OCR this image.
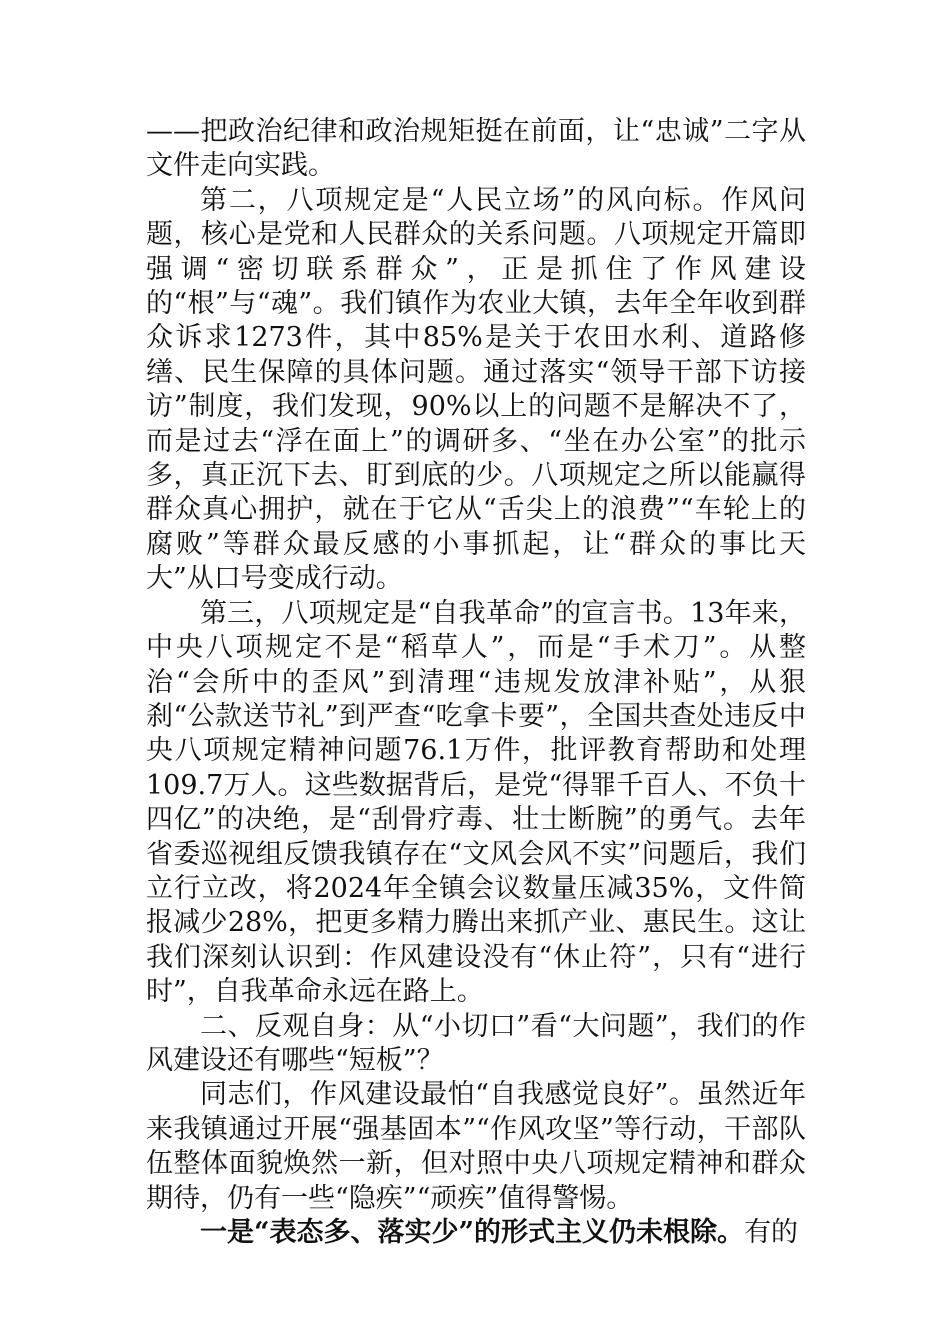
——把政治纪律和政治规矩挺在前面，让“忠诚”二字从文件走向实践。

第二，八项规定是“人民立场”的风向标。作风问题，核心是党和人民群众的关系问题。八项规定开篇即强调“密切联系群众”，正是抓住了作风建设的“根”与“魂”。我们镇作为农业大镇，去年全年收到群众诉求1273件，其中85%是关于农田水利、道路修缮、民生保障的具体问题。通过落实“领导干部下访接访”制度，我们发现，90%以上的问题不是解决不了，而是过去“浮在面上”的调研多、“坐在办公室”的批示多，真正沉下去、盯到底的少。八项规定之所以能赢得群众真心拥护，就在于它从“舌尖上的浪费”“车轮上的腐败”等群众最反感的小事抓起，让“群众的事比天大”从口号变成行动。

第三，八项规定是“自我革命”的宣言书。13年来，中央八项规定不是“稻草人”，而是“手术刀”。从整治“会所中的歪风”到清理“违规发放津补贴”，从狠刹“公款送节礼”到严查“吃拿卡要”，全国共查处违反中央八项规定精神问题76.1万件，批评教育帮助和处理109.7万人。这些数据背后，是党“得罪千百人、不负十四亿”的决绝，是“刮骨疗毒、壮士断腕”的勇气。去年省委巡视组反馈我镇存在“文风会风不实”问题后，我们立行立改，将2024年全镇会议数量压减35%，文件简报减少28%，把更多精力腾出来抓产业、惠民生。这让我们深刻认识到：作风建设没有“休止符”，只有“进行时”，自我革命永远在路上。

二、反观自身：从“小切口”看“大问题”，我们的作风建设还有哪些“短板”？

同志们，作风建设最怕“自我感觉良好”。虽然近年来我镇通过开展“强基固本”“作风攻坚”等行动，干部队伍整体面貌焕然一新，但对照中央八项规定精神和群众期待，仍有一些“隐疾”“顽疾”值得警惕。

一是“表态多、落实少”的形式主义仍未根除。有的
